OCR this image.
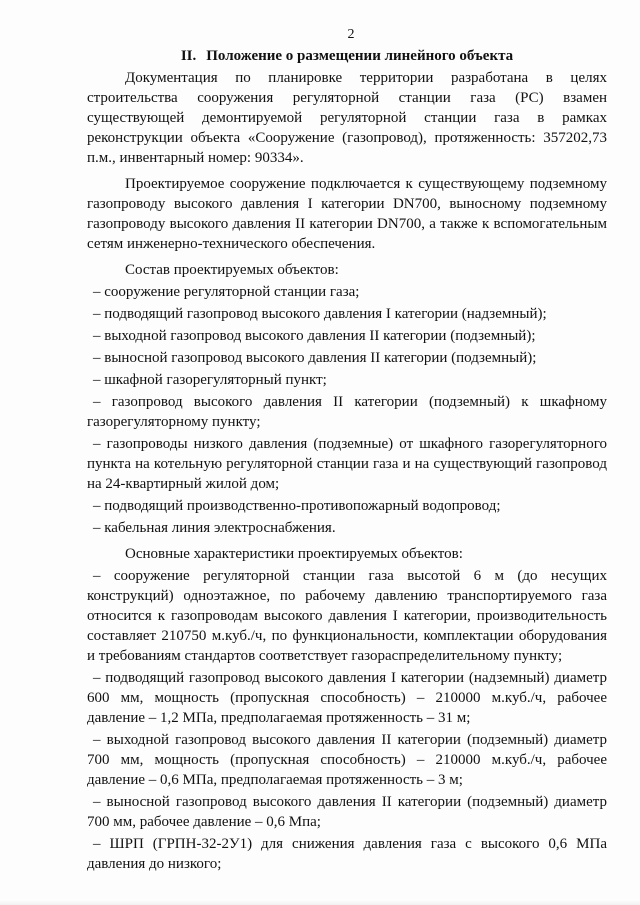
2
II. Положение о размещении линейного объекта

Документация по планировке территории разработана в целях строительства сооружения регуляторной станции газа (РС) взамен существующей демонтируемой регуляторной станции газа в рамках реконструкции объекта «Сооружение (газопровод), протяженность: 357202,73 п.м., инвентарный номер: 90334».

Проектируемое сооружение подключается к существующему подземному газопроводу высокого давления I категории DN700, выносному подземному газопроводу высокого давления II категории DN700, а также к вспомогательным сетям инженерно-технического обеспечения.

Состав проектируемых объектов:

– сооружение регуляторной станции газа;

– подводящий газопровод высокого давления I категории (надземный);

– выходной газопровод высокого давления II категории (подземный);

– выносной газопровод высокого давления II категории (подземный);

– шкафной газорегуляторный пункт;

– газопровод высокого давления II категории (подземный) к шкафному газорегуляторному пункту;

– газопроводы низкого давления (подземные) от шкафного газорегуляторного пункта на котельную регуляторной станции газа и на существующий газопровод на 24-квартирный жилой дом;

– подводящий производственно-противопожарный водопровод;

– кабельная линия электроснабжения.

Основные характеристики проектируемых объектов:

– сооружение регуляторной станции газа высотой 6 м (до несущих конструкций) одноэтажное, по рабочему давлению транспортируемого газа относится к газопроводам высокого давления I категории, производительность составляет 210750 м.куб./ч, по функциональности, комплектации оборудования и требованиям стандартов соответствует газораспределительному пункту;

– подводящий газопровод высокого давления I категории (надземный) диаметр 600 мм, мощность (пропускная способность) – 210000 м.куб./ч, рабочее давление – 1,2 МПа, предполагаемая протяженность – 31 м;

– выходной газопровод высокого давления II категории (подземный) диаметр 700 мм, мощность (пропускная способность) – 210000 м.куб./ч, рабочее давление – 0,6 МПа, предполагаемая протяженность – 3 м;

– выносной газопровод высокого давления II категории (подземный) диаметр 700 мм, рабочее давление – 0,6 Мпа;

– ШРП (ГРПН-32-2У1) для снижения давления газа с высокого 0,6 МПа давления до низкого;
